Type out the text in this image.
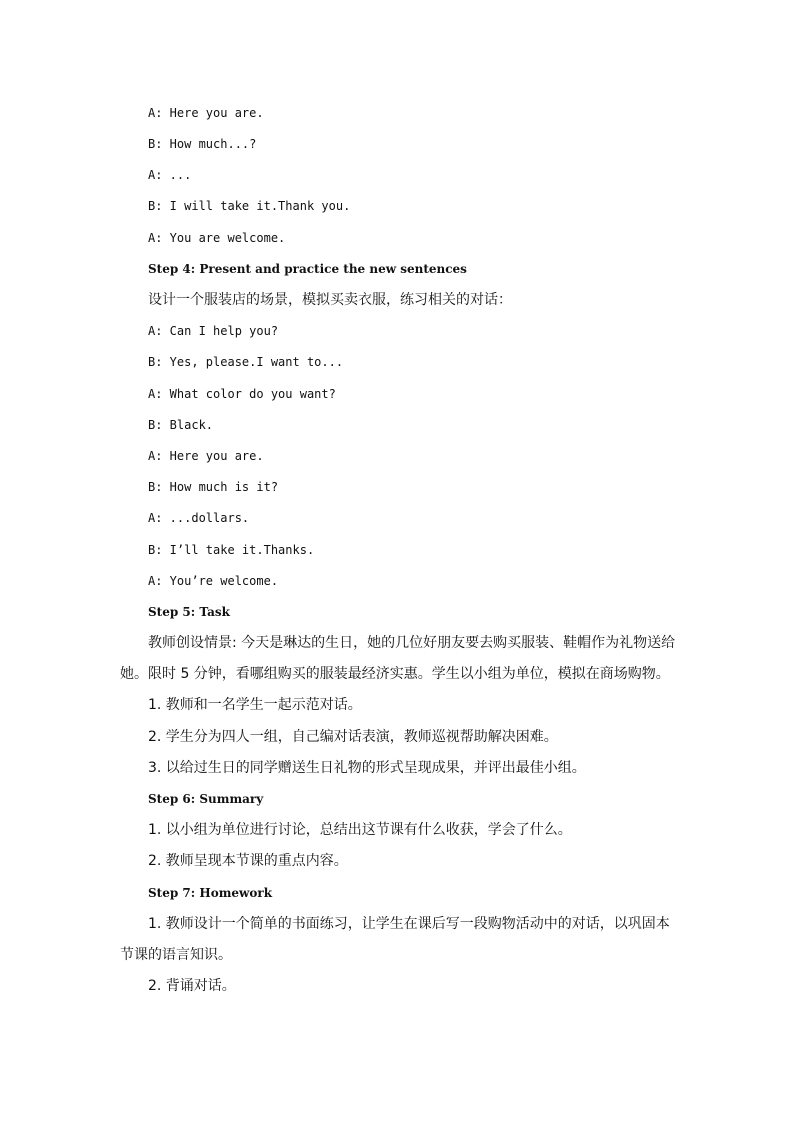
A: Here you are.
B: How much...?
A: ...
B: I will take it.Thank you.
A: You are welcome.
Step 4: Present and practice the new sentences
设计一个服装店的场景，模拟买卖衣服，练习相关的对话：
A: Can I help you?
B: Yes, please.I want to...
A: What color do you want?
B: Black.
A: Here you are.
B: How much is it?
A: ...dollars.
B: I’ll take it.Thanks.
A: You’re welcome.
Step 5: Task
教师创设情景: 今天是琳达的生日，她的几位好朋友要去购买服装、鞋帽作为礼物送给
她。限时 5 分钟，看哪组购买的服装最经济实惠。学生以小组为单位，模拟在商场购物。
1. 教师和一名学生一起示范对话。
2. 学生分为四人一组，自己编对话表演，教师巡视帮助解决困难。
3. 以给过生日的同学赠送生日礼物的形式呈现成果，并评出最佳小组。
Step 6: Summary
1. 以小组为单位进行讨论，总结出这节课有什么收获，学会了什么。
2. 教师呈现本节课的重点内容。
Step 7: Homework
1. 教师设计一个简单的书面练习，让学生在课后写一段购物活动中的对话，以巩固本
节课的语言知识。
2. 背诵对话。
